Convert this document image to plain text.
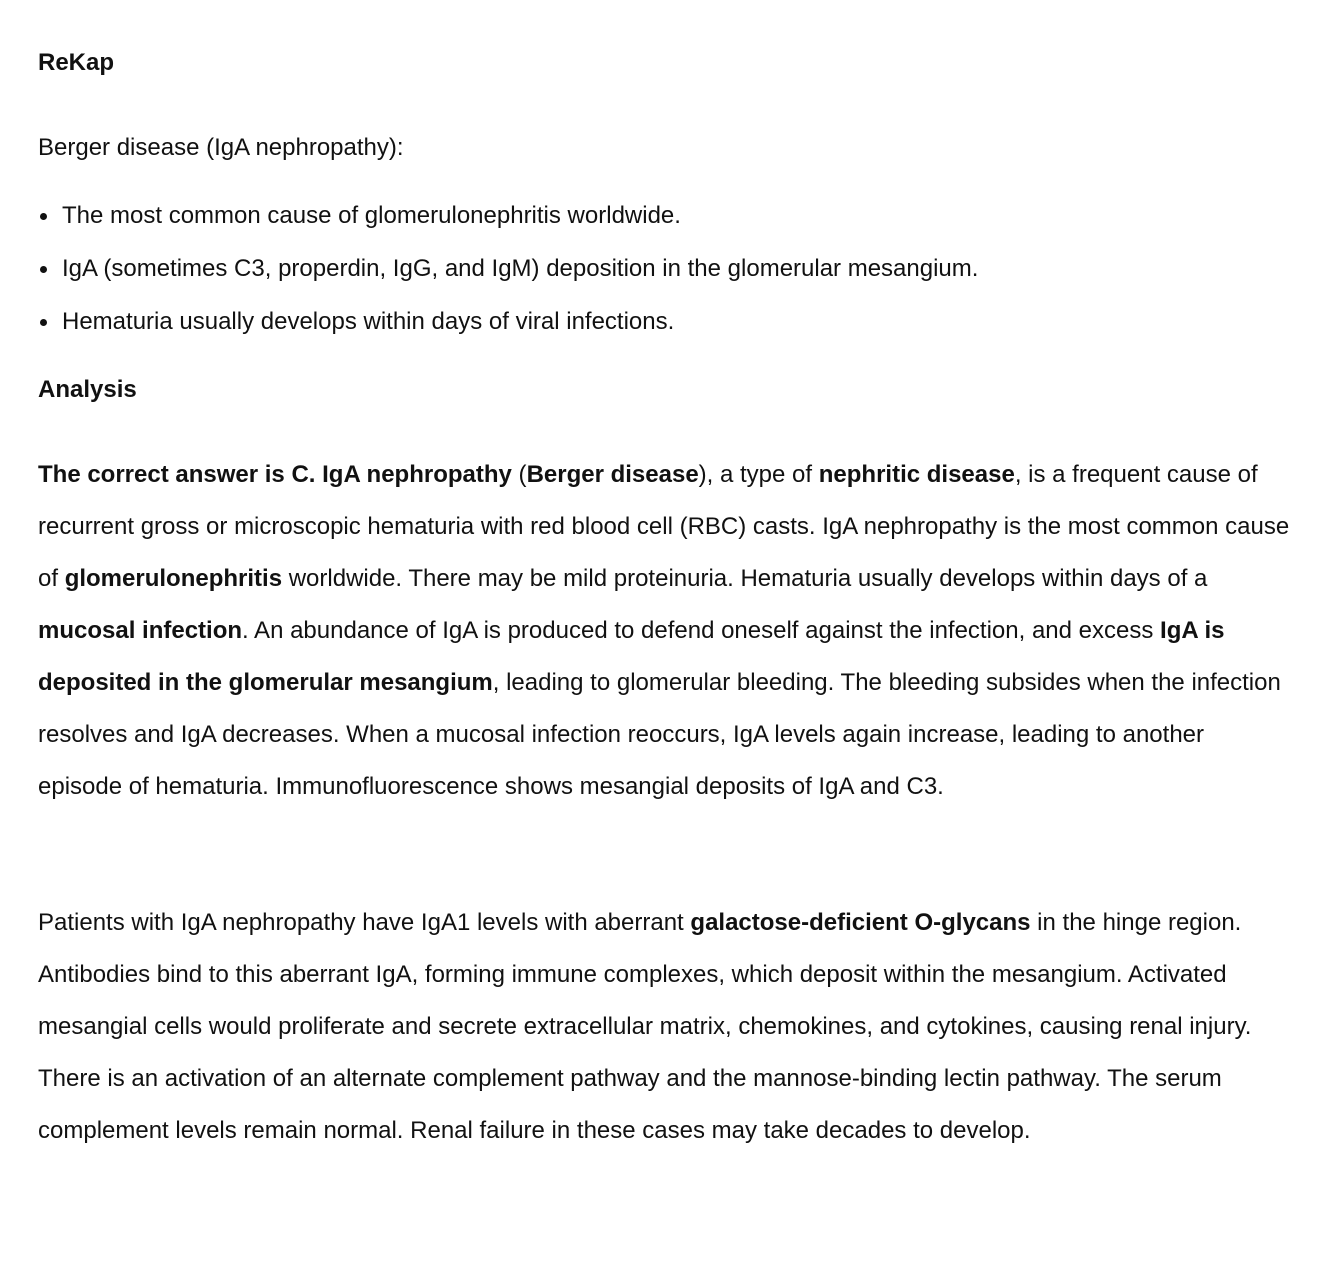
ReKap

Berger disease (IgA nephropathy):

The most common cause of glomerulonephritis worldwide.
IgA (sometimes C3, properdin, IgG, and IgM) deposition in the glomerular mesangium.
Hematuria usually develops within days of viral infections.
Analysis

The correct answer is C. IgA nephropathy (Berger disease), a type of nephritic disease, is a frequent cause of recurrent gross or microscopic hematuria with red blood cell (RBC) casts. IgA nephropathy is the most common cause of glomerulonephritis worldwide. There may be mild proteinuria. Hematuria usually develops within days of a mucosal infection. An abundance of IgA is produced to defend oneself against the infection, and excess IgA is deposited in the glomerular mesangium, leading to glomerular bleeding. The bleeding subsides when the infection resolves and IgA decreases. When a mucosal infection reoccurs, IgA levels again increase, leading to another episode of hematuria. Immunofluorescence shows mesangial deposits of IgA and C3.

Patients with IgA nephropathy have IgA1 levels with aberrant galactose-deficient O-glycans in the hinge region. Antibodies bind to this aberrant IgA, forming immune complexes, which deposit within the mesangium. Activated mesangial cells would proliferate and secrete extracellular matrix, chemokines, and cytokines, causing renal injury. There is an activation of an alternate complement pathway and the mannose-binding lectin pathway. The serum complement levels remain normal. Renal failure in these cases may take decades to develop.
